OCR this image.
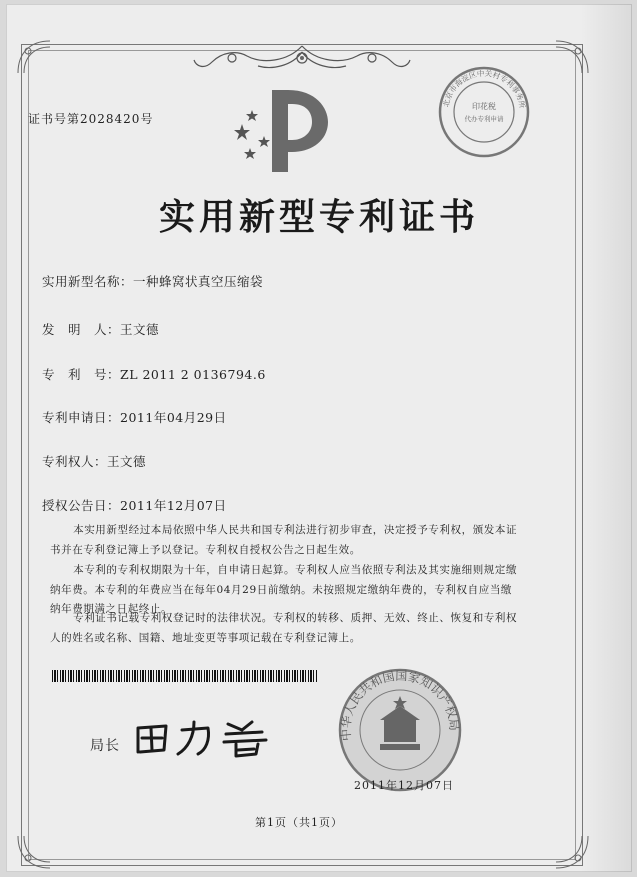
北京市海淀区中关村专利事务所
印花税
代办专利申请
证书号第2028420号
实用新型专利证书
实用新型名称：一种蜂窝状真空压缩袋
发　明　人：王文德
专　利　号：ZL 2011 2 0136794.6
专利申请日：2011年04月29日
专利权人：王文德
授权公告日：2011年12月07日
本实用新型经过本局依照中华人民共和国专利法进行初步审查，决定授予专利权，颁发本证书并在专利登记簿上予以登记。专利权自授权公告之日起生效。
本专利的专利权期限为十年，自申请日起算。专利权人应当依照专利法及其实施细则规定缴纳年费。本专利的年费应当在每年04月29日前缴纳。未按照规定缴纳年费的，专利权自应当缴纳年费期满之日起终止。
专利证书记载专利权登记时的法律状况。专利权的转移、质押、无效、终止、恢复和专利权人的姓名或名称、国籍、地址变更等事项记载在专利登记簿上。
中华人民共和国国家知识产权局
局长
2011年12月07日
第1页（共1页）
